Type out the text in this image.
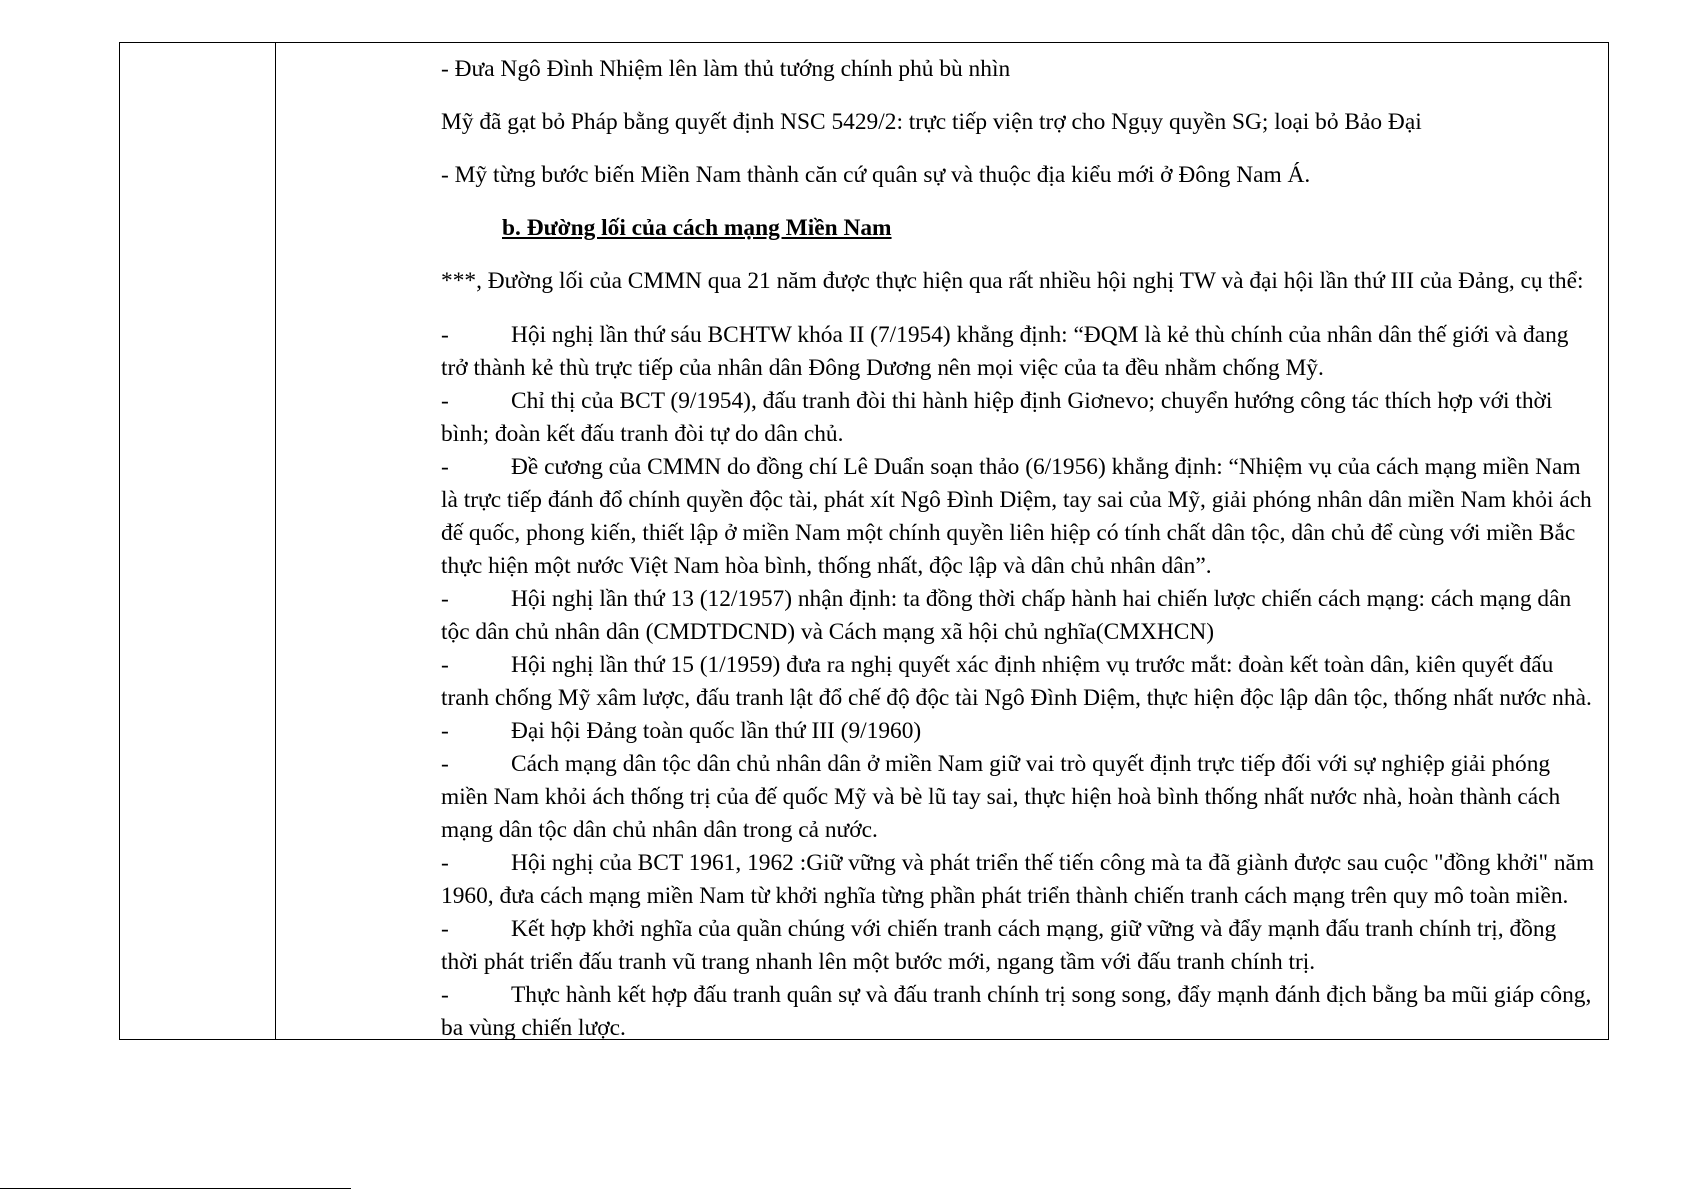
- Đưa Ngô Đình Nhiệm lên làm thủ tướng chính phủ bù nhìn

Mỹ đã gạt bỏ Pháp bằng quyết định NSC 5429/2: trực tiếp viện trợ cho Ngụy quyền SG; loại bỏ Bảo Đại

- Mỹ từng bước biến Miền Nam thành căn cứ quân sự và thuộc địa kiểu mới ở Đông Nam Á.

b. Đường lối của cách mạng Miền Nam

***, Đường lối của CMMN qua 21 năm được thực hiện qua rất nhiều hội nghị TW và đại hội lần thứ III của Đảng, cụ thể:

-	Hội nghị lần thứ sáu BCHTW khóa II (7/1954) khẳng định: “ĐQM là kẻ thù chính của nhân dân thế giới và đang trở thành kẻ thù trực tiếp của nhân dân Đông Dương nên mọi việc của ta đều nhằm chống Mỹ.

-	Chỉ thị của BCT (9/1954), đấu tranh đòi thi hành hiệp định Giơnevo; chuyển hướng công tác thích hợp với thời bình; đoàn kết đấu tranh đòi tự do dân chủ.

-	Đề cương của CMMN do đồng chí Lê Duẩn soạn thảo (6/1956) khẳng định: “Nhiệm vụ của cách mạng miền Nam là trực tiếp đánh đổ chính quyền độc tài, phát xít Ngô Đình Diệm, tay sai của Mỹ, giải phóng nhân dân miền Nam khỏi ách đế quốc, phong kiến, thiết lập ở miền Nam một chính quyền liên hiệp có tính chất dân tộc, dân chủ để cùng với miền Bắc thực hiện một nước Việt Nam hòa bình, thống nhất, độc lập và dân chủ nhân dân”.

-	Hội nghị lần thứ 13 (12/1957) nhận định: ta đồng thời chấp hành hai chiến lược chiến cách mạng: cách mạng dân tộc dân chủ nhân dân (CMDTDCND) và Cách mạng xã hội chủ nghĩa(CMXHCN)

-	Hội nghị lần thứ 15 (1/1959) đưa ra nghị quyết xác định nhiệm vụ trước mắt: đoàn kết toàn dân, kiên quyết đấu tranh chống Mỹ xâm lược, đấu tranh lật đổ chế độ độc tài Ngô Đình Diệm, thực hiện độc lập dân tộc, thống nhất nước nhà.

-	Đại hội Đảng toàn quốc lần thứ III (9/1960)

-	Cách mạng dân tộc dân chủ nhân dân ở miền Nam giữ vai trò quyết định trực tiếp đối với sự nghiệp giải phóng miền Nam khỏi ách thống trị của đế quốc Mỹ và bè lũ tay sai, thực hiện hoà bình thống nhất nước nhà, hoàn thành cách mạng dân tộc dân chủ nhân dân trong cả nước.

-	Hội nghị của BCT 1961, 1962 :Giữ vững và phát triển thế tiến công mà ta đã giành được sau cuộc "đồng khởi" năm 1960, đưa cách mạng miền Nam từ khởi nghĩa từng phần phát triển thành chiến tranh cách mạng trên quy mô toàn miền.

-	Kết hợp khởi nghĩa của quần chúng với chiến tranh cách mạng, giữ vững và đẩy mạnh đấu tranh chính trị, đồng thời phát triển đấu tranh vũ trang nhanh lên một bước mới, ngang tầm với đấu tranh chính trị.

-	Thực hành kết hợp đấu tranh quân sự và đấu tranh chính trị song song, đẩy mạnh đánh địch bằng ba mũi giáp công, ba vùng chiến lược.
